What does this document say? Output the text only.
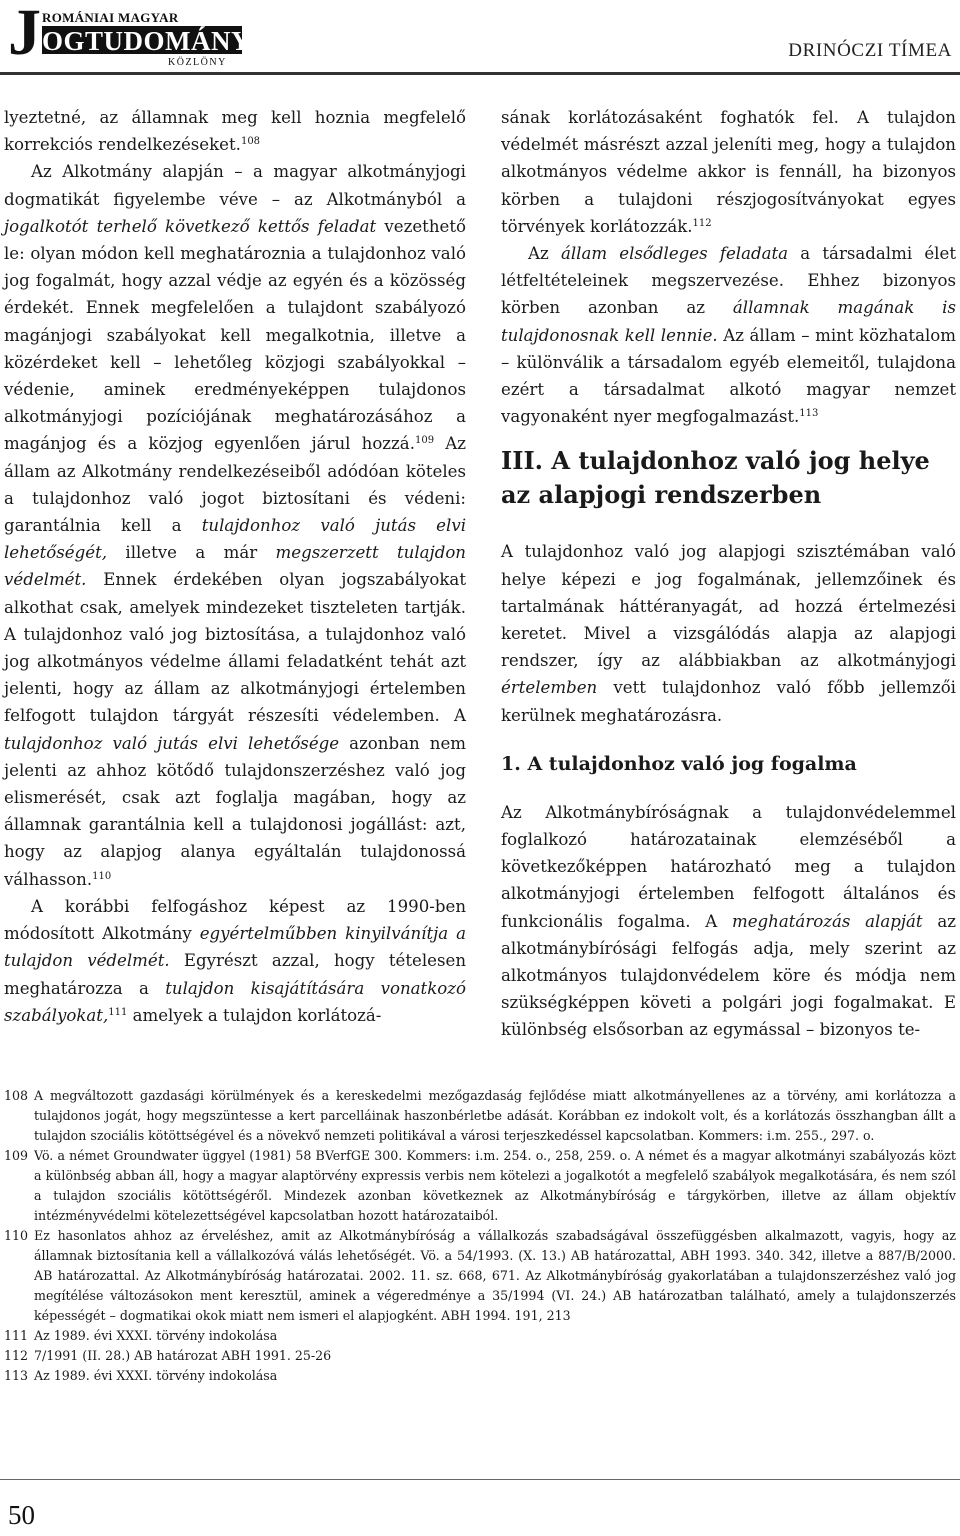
J ROMÁNIAI MAGYAR
OGTUDOMÁNYI
KÖZLÖNY
DRINÓCZI TÍMEA

lyeztetné, az államnak meg kell hoznia megfelelő korrekciós rendelkezéseket.$^{108}$

Az Alkotmány alapján – a magyar alkotmányjogi dogmatikát figyelembe véve – az Alkotmányból a jogalkotót terhelő következő kettős feladat vezethető le: olyan módon kell meghatároznia a tulajdonhoz való jog fogalmát, hogy azzal védje az egyén és a közösség érdekét. Ennek megfelelően a tulajdont szabályozó magánjogi szabályokat kell megalkotnia, illetve a közérdeket kell – lehetőleg közjogi szabályokkal – védenie, aminek eredményeképpen tulajdonos alkotmányjogi pozíciójának meghatározásához a magánjog és a közjog egyenlően járul hozzá.$^{109}$ Az állam az Alkotmány rendelkezéseiből adódóan köteles a tulajdonhoz való jogot biztosítani és védeni: garantálnia kell a tulajdonhoz való jutás elvi lehetőségét, illetve a már megszerzett tulajdon védelmét. Ennek érdekében olyan jogszabályokat alkothat csak, amelyek mindezeket tiszteleten tartják. A tulajdonhoz való jog biztosítása, a tulajdonhoz való jog alkotmányos védelme állami feladatként tehát azt jelenti, hogy az állam az alkotmányjogi értelemben felfogott tulajdon tárgyát részesíti védelemben. A tulajdonhoz való jutás elvi lehetősége azonban nem jelenti az ahhoz kötődő tulajdonszerzéshez való jog elismerését, csak azt foglalja magában, hogy az államnak garantálnia kell a tulajdonosi jogállást: azt, hogy az alapjog alanya egyáltalán tulajdonossá válhasson.$^{110}$

A korábbi felfogáshoz képest az 1990-ben módosított Alkotmány egyértelműbben kinyilvánítja a tulajdon védelmét. Egyrészt azzal, hogy tételesen meghatározza a tulajdon kisajátítására vonatkozó szabályokat,$^{111}$ amelyek a tulajdon korlátozá-

sának korlátozásaként foghatók fel. A tulajdon védelmét másrészt azzal jeleníti meg, hogy a tulajdon alkotmányos védelme akkor is fennáll, ha bizonyos körben a tulajdoni részjogosítványokat egyes törvények korlátozzák.$^{112}$

Az állam elsődleges feladata a társadalmi élet létfeltételeinek megszervezése. Ehhez bizonyos körben azonban az államnak magának is tulajdonosnak kell lennie. Az állam – mint közhatalom – különválik a társadalom egyéb elemeitől, tulajdona ezért a társadalmat alkotó magyar nemzet vagyonaként nyer megfogalmazást.$^{113}$

III. A tulajdonhoz való jog helye az alapjogi rendszerben

A tulajdonhoz való jog alapjogi szisztémában való helye képezi e jog fogalmának, jellemzőinek és tartalmának háttéranyagát, ad hozzá értelmezési keretet. Mivel a vizsgálódás alapja az alapjogi rendszer, így az alábbiakban az alkotmányjogi értelemben vett tulajdonhoz való főbb jellemzői kerülnek meghatározásra.

1. A tulajdonhoz való jog fogalma

Az Alkotmánybíróságnak a tulajdonvédelemmel foglalkozó határozatainak elemzéséből a következőképpen határozható meg a tulajdon alkotmányjogi értelemben felfogott általános és funkcionális fogalma. A meghatározás alapját az alkotmánybírósági felfogás adja, mely szerint az alkotmányos tulajdonvédelem köre és módja nem szükségképpen követi a polgári jogi fogalmakat. E különbség elsősorban az egymással – bizonyos te-

108 A megváltozott gazdasági körülmények és a kereskedelmi mezőgazdaság fejlődése miatt alkotmányellenes az a törvény, ami korlátozza a tulajdonos jogát, hogy megszüntesse a kert parcelláinak haszonbérletbe adását. Korábban ez indokolt volt, és a korlátozás összhangban állt a tulajdon szociális kötöttségével és a növekvő nemzeti politikával a városi terjeszkedéssel kapcsolatban. Kommers: i.m. 255., 297. o.
109 Vö. a német Groundwater üggyel (1981) 58 BVerfGE 300. Kommers: i.m. 254. o., 258, 259. o. A német és a magyar alkotmányi szabályozás közt a különbség abban áll, hogy a magyar alaptörvény expressis verbis nem kötelezi a jogalkotót a megfelelő szabályok megalkotására, és nem szól a tulajdon szociális kötöttségéről. Mindezek azonban következnek az Alkotmánybíróság e tárgykörben, illetve az állam objektív intézményvédelmi kötelezettségével kapcsolatban hozott határozataiból.
110 Ez hasonlatos ahhoz az érveléshez, amit az Alkotmánybíróság a vállalkozás szabadságával összefüggésben alkalmazott, vagyis, hogy az államnak biztosítania kell a vállalkozóvá válás lehetőségét. Vö. a 54/1993. (X. 13.) AB határozattal, ABH 1993. 340. 342, illetve a 887/B/2000. AB határozattal. Az Alkotmánybíróság határozatai. 2002. 11. sz. 668, 671. Az Alkotmánybíróság gyakorlatában a tulajdonszerzéshez való jog megítélése változásokon ment keresztül, aminek a végeredménye a 35/1994 (VI. 24.) AB határozatban található, amely a tulajdonszerzés képességét – dogmatikai okok miatt nem ismeri el alapjogként. ABH 1994. 191, 213
111 Az 1989. évi XXXI. törvény indokolása
112 7/1991 (II. 28.) AB határozat ABH 1991. 25-26
113 Az 1989. évi XXXI. törvény indokolása
50
